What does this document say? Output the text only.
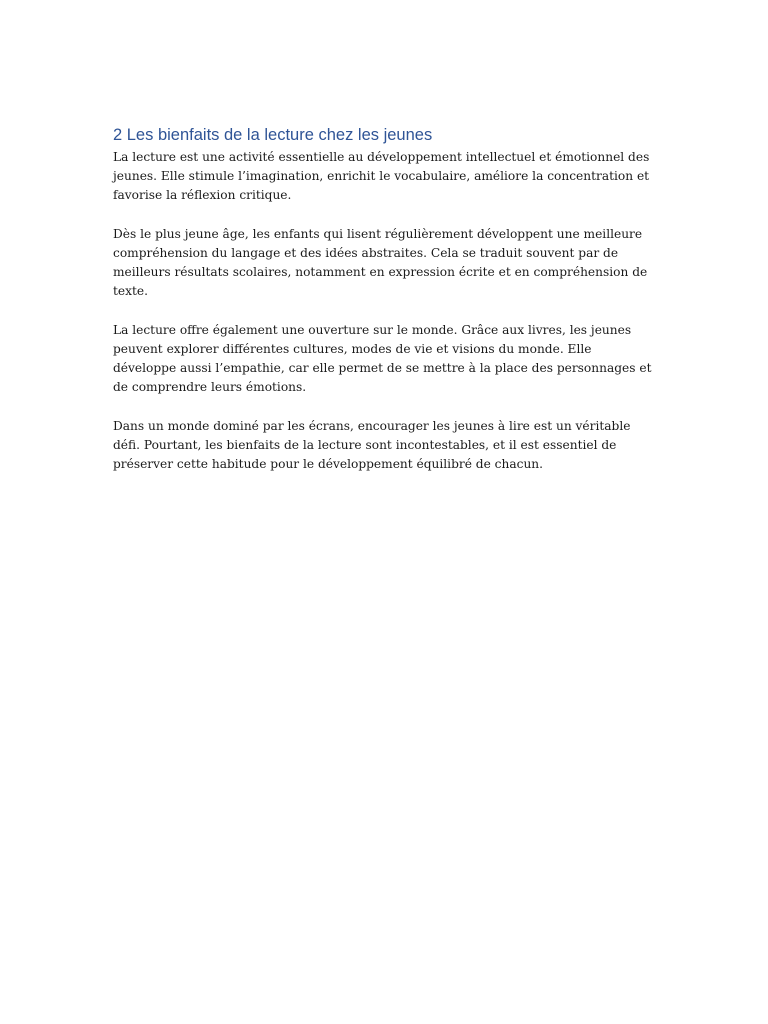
2 Les bienfaits de la lecture chez les jeunes

La lecture est une activité essentielle au développement intellectuel et émotionnel des jeunes. Elle stimule l’imagination, enrichit le vocabulaire, améliore la concentration et favorise la réflexion critique.

Dès le plus jeune âge, les enfants qui lisent régulièrement développent une meilleure compréhension du langage et des idées abstraites. Cela se traduit souvent par de meilleurs résultats scolaires, notamment en expression écrite et en compréhension de texte.

La lecture offre également une ouverture sur le monde. Grâce aux livres, les jeunes peuvent explorer différentes cultures, modes de vie et visions du monde. Elle développe aussi l’empathie, car elle permet de se mettre à la place des personnages et de comprendre leurs émotions.

Dans un monde dominé par les écrans, encourager les jeunes à lire est un véritable défi. Pourtant, les bienfaits de la lecture sont incontestables, et il est essentiel de préserver cette habitude pour le développement équilibré de chacun.
